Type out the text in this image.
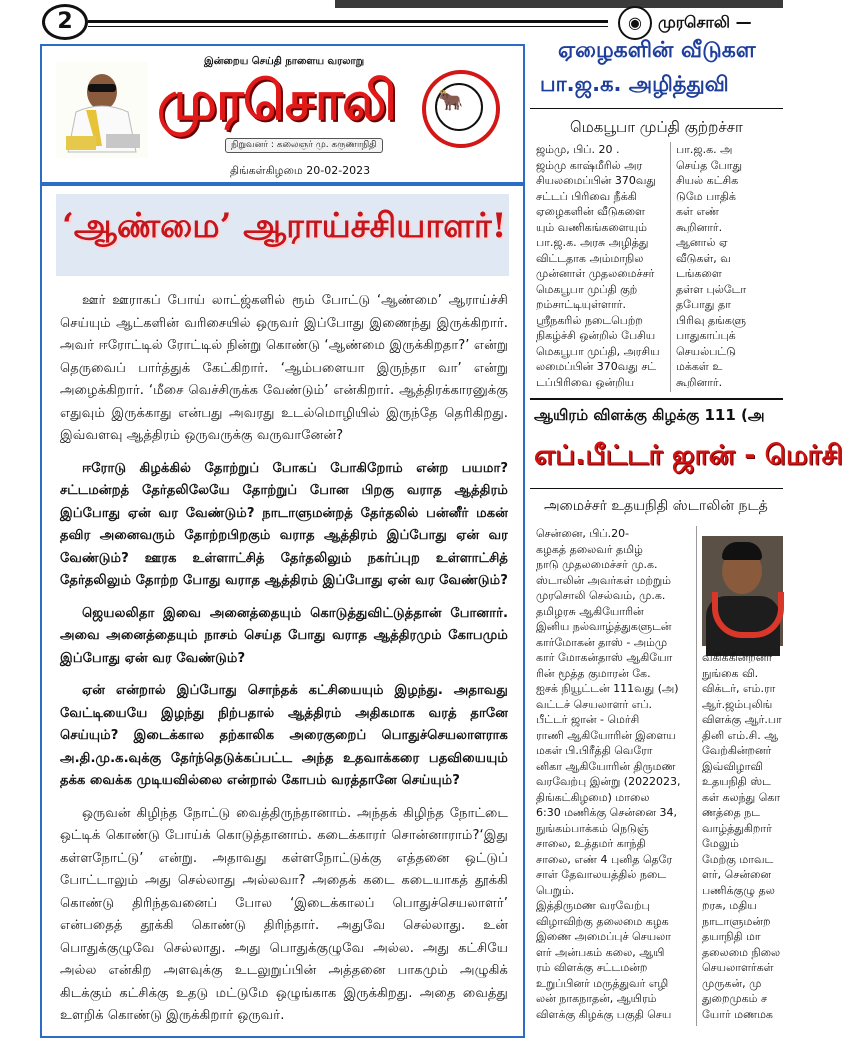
2	◉ முரசொலி —
இன்றைய செய்தி நாளைய வரலாறு
முரசொலி
நிறுவனர் : கலைஞர் மு. கருணாநிதி
🐂
திங்கள்கிழமை 20-02-2023
‘ஆண்மை’ ஆராய்ச்சியாளர்!

ஊர் ஊராகப் போய் லாட்ஜ்களில் ரூம் போட்டு ‘ஆண்மை’ ஆராய்ச்சி செய்யும் ஆட்களின் வரிசையில் ஒருவர் இப்போது இணைந்து இருக்கிறார். அவர் ஈரோட்டில் ரோட்டில் நின்று கொண்டு ‘ஆண்மை இருக்கிறதா?’ என்று தெருவைப் பார்த்துக் கேட்கிறார். ‘ஆம்பளையா இருந்தா வா’ என்று அழைக்கிறார். ‘மீசை வெச்சிருக்க வேண்டும்’ என்கிறார். ஆத்திரக்காரனுக்கு எதுவும் இருக்காது என்பது அவரது உடல்மொழியில் இருந்தே தெரிகிறது. இவ்வளவு ஆத்திரம் ஒருவருக்கு வருவானேன்?

ஈரோடு கிழக்கில் தோற்றுப் போகப் போகிறோம் என்ற பயமா? சட்டமன்றத் தேர்தலிலேயே தோற்றுப் போன பிறகு வராத ஆத்திரம் இப்போது ஏன் வர வேண்டும்? நாடாளுமன்றத் தேர்தலில் பன்னீர் மகன் தவிர அனைவரும் தோற்றபிறகும் வராத ஆத்திரம் இப்போது ஏன் வர வேண்டும்? ஊரக உள்ளாட்சித் தேர்தலிலும் நகர்ப்புற உள்ளாட்சித் தேர்தலிலும் தோற்ற போது வராத ஆத்திரம் இப்போது ஏன் வர வேண்டும்?

ஜெயலலிதா இவை அனைத்தையும் கொடுத்துவிட்டுத்தான் போனார். அவை அனைத்தையும் நாசம் செய்த போது வராத ஆத்திரமும் கோபமும் இப்போது ஏன் வர வேண்டும்?

ஏன் என்றால் இப்போது சொந்தக் கட்சியையும் இழந்து. அதாவது வேட்டியையே இழந்து நிற்பதால் ஆத்திரம் அதிகமாக வரத் தானே செய்யும்? இடைக்கால தற்காலிக அரைகுறைப் பொதுச்செயலாளராக அ.தி.மு.க.வுக்கு தேர்ந்தெடுக்கப்பட்ட அந்த உதவாக்கரை பதவியையும் தக்க வைக்க முடியவில்லை என்றால் கோபம் வரத்தானே செய்யும்?

ஒருவன் கிழிந்த நோட்டு வைத்திருந்தானாம். அந்தக் கிழிந்த நோட்டை ஒட்டிக் கொண்டு போய்க் கொடுத்தானாம். கடைக்காரர் சொன்னாராம்?‘இது கள்ளநோட்டு’ என்று. அதாவது கள்ளநோட்டுக்கு எத்தனை ஒட்டுப் போட்டாலும் அது செல்லாது அல்லவா? அதைக் கடை கடையாகத் தூக்கி கொண்டு திரிந்தவனைப் போல ‘இடைக்காலப் பொதுச்செயலாளர்’ என்பதைத் தூக்கி கொண்டு திரிந்தார். அதுவே செல்லாது. உன் பொதுக்குழுவே செல்லாது. அது பொதுக்குழுவே அல்ல. அது கட்சியே அல்ல என்கிற அளவுக்கு உடலுறுப்பின் அத்தனை பாகமும் அழுகிக் கிடக்கும் கட்சிக்கு உதடு மட்டுமே ஒழுங்காக இருக்கிறது. அதை வைத்து உளறிக் கொண்டு இருக்கிறார் ஒருவர்.

ஏழைகளின் வீடுகள
பா.ஜ.க. அழித்துவி
மெகபூபா முப்தி குற்றச்சா

ஜம்மு, பிப். 20 .

ஜம்மு காஷ்மீரில் அர

சியலமைப்பின் 370வது

சட்டப் பிரிவை நீக்கி

ஏழைகளின் வீடுகளை

யும் வணிகங்களையும்

பா.ஜ.க. அரசு அழித்து

விட்டதாக அம்மாநில

முன்னாள் முதலமைச்சர்

மெகபூபா முப்தி குற்

றம்சாட்டியுள்ளார்.

ஸ்ரீநகரில் நடைபெற்ற

நிகழ்ச்சி ஒன்றில் பேசிய

மெகபூபா முப்தி, அரசிய

லமைப்பின் 370வது சட்

டப்பிரிவை ஒன்றிய

பா.ஜ.க. அ

செய்த போது

சியல் கட்சிக

டுமே பாதிக்

கள் எண்

கூறினார்.

ஆனால் ஏ

வீடுகள், வ

டங்களை

தள்ள புல்டோ

தபோது தா

பிரிவு தங்களு

பாதுகாப்புக்

செயல்பட்டு

மக்கள் உ

கூறினார்.

ஆயிரம் விளக்கு கிழக்கு 111 (அ
எப்.பீட்டர் ஜான் - மெர்சி
அமைச்சர் உதயநிதி ஸ்டாலின் நடத்

சென்னை, பிப்.20-

கழகத் தலைவர் தமிழ்

நாடு முதலமைச்சர் மு.க.

ஸ்டாலின் அவர்கள் மற்றும்

முரசொலி செல்வம், மு.க.

தமிழரசு ஆகியோரின்

இனிய நல்வாழ்த்துகளுடன்

கார்மோகன் தாஸ் - அம்மு

கார் மோகன்தாஸ் ஆகியோ

ரின் மூத்த குமாரன் கே.

ஐசக் நியூட்டன் 111வது (அ)

வட்டச் செயலாளர் எப்.

பீட்டர் ஜான் - மெர்சி

ராணி ஆகியோரின் இளைய

மகள் பி.பிரீத்தி வெரோ

னிகா ஆகியோரின் திருமண

வரவேற்பு இன்று (2022023,

திங்கட்கிழமை) மாலை

6:30 மணிக்கு சென்னை 34,

நுங்கம்பாக்கம் நெடுஞ்

சாலை, உத்தமர் காந்தி

சாலை, எண் 4 புனித தெரே

சாள் தேவாலயத்தில் நடை

பெறும்.

இத்திருமண வரவேற்பு

விழாவிற்கு தலைமை கழக

இணை அமைப்புச் செயலா

ளர் அன்பகம் கலை, ஆயி

ரம் விளக்கு சட்டமன்ற

உறுப்பினர் மருத்துவர் எழி

லன் நாகநாதன், ஆயிரம்

விளக்கு கிழக்கு பகுதி செய

வகிக்கின்றனர்

நுங்கை வி.

விக்டர், எம்.ரா

ஆர்.ஜம்புலிங்

விளக்கு ஆர்.பா

தினி எம்.சி. ஆ

வேற்கின்றனர்

இவ்விழாவி

உதயநிதி ஸ்ட

கள் கலந்து கொ

ணத்தை நட

வாழ்த்துகிறார்

மேலும்

மேற்கு மாவட

ளர், சென்னை

பணிக்குழு தல

றரசு, மதிய

நாடாளுமன்ற

தயாநிதி மா

தலைமை நிலை

செயலாளர்கள்

முருகன், மு

துறைமுகம் ச

யோர் மணமக
